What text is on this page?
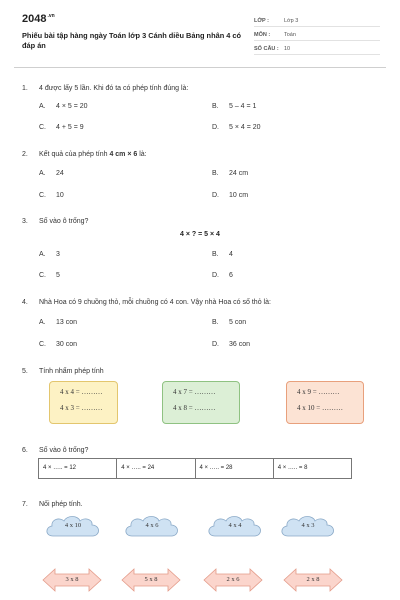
$2048^{.vn}$
Phiếu bài tập hàng ngày Toán lớp 3 Cánh diều Bảng nhân 4 có đáp án
LỚP :	Lớp 3
MÔN :	Toán
SỐ CÂU : 10
1. 4 được lấy 5 lần. Khi đó ta có phép tính đúng là:
A. 4 × 5 = 20	B. 5 – 4 = 1
C. 4 + 5 = 9	D. 5 × 4 = 20
2. Kết quả của phép tính 4 cm × 6 là:
A. 24	B. 24 cm
C. 10	D. 10 cm
3. Số vào ô trống?
4 × ? = 5 × 4
A. 3	B. 4
C. 5	D. 6
4. Nhà Hoa có 9 chuồng thỏ, mỗi chuồng có 4 con. Vậy nhà Hoa có số thỏ là:
A. 13 con	B. 5 con
C. 30 con	D. 36 con
5. Tính nhẩm phép tính
4 x 4 = ………
4 x 3 = ………
4 x 7 = ………
4 x 8 = ………
4 x 9 = ………
4 x 10 = ………
6. Số vào ô trống?
4 × ….. = 12	4 × ….. = 24	4 × ….. = 28	4 × ….. = 8
7. Nối phép tính.
4 x 10	4 x 6	4 x 4	4 x 3
3 x 8	5 x 8	2 x 6	2 x 8
